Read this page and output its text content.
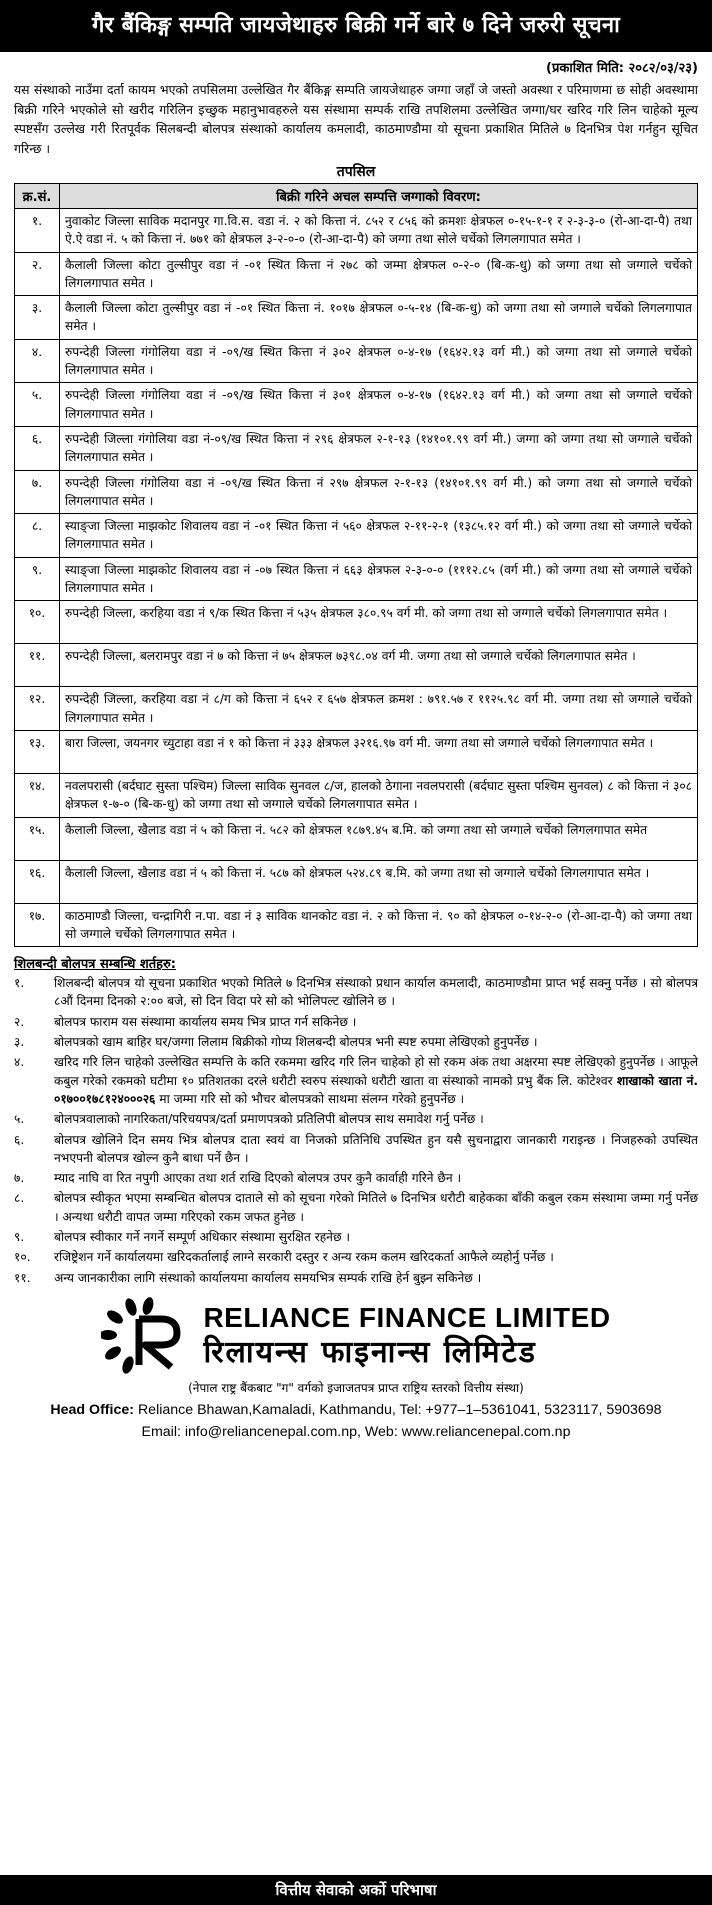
गैर बैंकिङ्ग सम्पति जायजेथाहरु बिक्री गर्ने बारे ७ दिने जरुरी सूचना
(प्रकाशित मिति: २०८२/०३/२३)
यस संस्थाको नाउँमा दर्ता कायम भएको तपसिलमा उल्लेखित गैर बैंकिङ्ग सम्पति जायजेथाहरु जग्गा जहाँ जे जस्तो अवस्था र परिमाणमा छ सोही अवस्थामा बिक्री गरिने भएकोले सो खरीद गरिलिन इच्छुक महानुभावहरुले यस संस्थामा सम्पर्क राखि तपशिलमा उल्लेखित जग्गा/घर खरिद गरि लिन चाहेको मूल्य स्पष्टसँग उल्लेख गरी रितपूर्वक सिलबन्दी बोलपत्र संस्थाको कार्यालय कमलादी, काठमाण्डौमा यो सूचना प्रकाशित मितिले ७ दिनभित्र पेश गर्नहुन सूचित गरिन्छ ।
तपसिल
क्र.सं.	बिक्री गरिने अचल सम्पत्ति जग्गाको विवरण:
१.	नुवाकोट जिल्ला साविक मदानपुर गा.वि.स. वडा नं. २ को कित्ता नं. ८५२ र ८५६ को क्रमशः क्षेत्रफल ०-१५-१-१ र २-३-३-० (रो-आ-दा-पै) तथा ऐ.ऐ वडा नं. ५ को कित्ता नं. ७७१ को क्षेत्रफल ३-२-०-० (रो-आ-दा-पै) को जग्गा तथा सोले चर्चेको लिगलगापात समेत ।
२.	कैलाली जिल्ला कोटा तुल्सीपुर वडा नं -०१ स्थित कित्ता नं २७८ को जम्मा क्षेत्रफल ०-२-० (बि-क-धु) को जग्गा तथा सो जग्गाले चर्चेको लिगलगापात समेत ।
३.	कैलाली जिल्ला कोटा तुल्सीपुर वडा नं -०१ स्थित कित्ता नं. १०१७ क्षेत्रफल ०-५-१४ (बि-क-धु) को जग्गा तथा सो जग्गाले चर्चेको लिगलगापात समेत ।
४.	रुपन्देही जिल्ला गंगोलिया वडा नं -०९/ख स्थित कित्ता नं ३०२ क्षेत्रफल ०-४-१७ (१६४२.१३ वर्ग मी.) को जग्गा तथा सो जग्गाले चर्चेको लिगलगापात समेत ।
५.	रुपन्देही जिल्ला गंगोलिया वडा नं -०९/ख स्थित कित्ता नं ३०१ क्षेत्रफल ०-४-१७ (१६४२.१३ वर्ग मी.) को जग्गा तथा सो जग्गाले चर्चेको लिगलगापात समेत ।
६.	रुपन्देही जिल्ला गंगोलिया वडा नं-०९/ख स्थित कित्ता नं २९६ क्षेत्रफल २-१-१३ (१४१०१.९९ वर्ग मी.) जग्गा को जग्गा तथा सो जग्गाले चर्चेको लिगलगापात समेत ।
७.	रुपन्देही जिल्ला गंगोलिया वडा नं -०९/ख स्थित कित्ता नं २९७ क्षेत्रफल २-१-१३ (१४१०१.९९ वर्ग मी.) को जग्गा तथा सो जग्गाले चर्चेको लिगलगापात समेत ।
८.	स्याङ्जा जिल्ला माझकोट शिवालय वडा नं -०१ स्थित कित्ता नं ५६० क्षेत्रफल २-११-२-१ (१३८५.१२ वर्ग मी.) को जग्गा तथा सो जग्गाले चर्चेको लिगलगापात समेत ।
९.	स्याङ्जा जिल्ला माझकोट शिवालय वडा नं -०७ स्थित कित्ता नं ६६३ क्षेत्रफल २-३-०-० (१११२.८५ (वर्ग मी.) को जग्गा तथा सो जग्गाले चर्चेको लिगलगापात समेत ।
१०.	रुपन्देही जिल्ला, करहिया वडा नं ९/क स्थित कित्ता नं ५३५ क्षेत्रफल ३८०.९५ वर्ग मी. को जग्गा तथा सो जग्गाले चर्चेको लिगलगापात समेत ।
११.	रुपन्देही जिल्ला, बलरामपुर वडा नं ७ को कित्ता नं ७५ क्षेत्रफल ७३९८.०४ वर्ग मी. जग्गा तथा सो जग्गाले चर्चेको लिगलगापात समेत ।
१२.	रुपन्देही जिल्ला, करहिया वडा नं ८/ग को कित्ता नं ६५२ र ६५७ क्षेत्रफल क्रमश : ७९१.५७ र ११२५.९८ वर्ग मी. जग्गा तथा सो जग्गाले चर्चेको लिगलगापात समेत ।
१३.	बारा जिल्ला, जयनगर च्युटाहा वडा नं १ को कित्ता नं ३३३ क्षेत्रफल ३२१६.९७ वर्ग मी. जग्गा तथा सो जग्गाले चर्चेको लिगलगापात समेत ।
१४.	नवलपरासी (बर्दघाट सुस्ता पश्चिम) जिल्ला साविक सुनवल ८/ज, हालको ठेगाना नवलपरासी (बर्दघाट सुस्ता पश्चिम सुनवल) ८ को कित्ता नं ३०८ क्षेत्रफल १-७-० (बि-क-धु) को जग्गा तथा सो जग्गाले चर्चेको लिगलगापात समेत ।
१५.	कैलाली जिल्ला, खैलाड वडा नं ५ को कित्ता नं. ५८२ को क्षेत्रफल १८७९.४५ ब.मि. को जग्गा तथा सो जग्गाले चर्चेको लिगलगापात समेत
१६.	कैलाली जिल्ला, खैलाड वडा नं ५ को कित्ता नं. ५८७ को क्षेत्रफल ५२४.८९ ब.मि. को जग्गा तथा सो जग्गाले चर्चेको लिगलगापात समेत ।
१७.	काठमाण्डौ जिल्ला, चन्द्रागिरी न.पा. वडा नं ३ साविक थानकोट वडा नं. २ को कित्ता नं. ९० को क्षेत्रफल ०-१४-२-० (रो-आ-दा-पै) को जग्गा तथा सो जग्गाले चर्चेको लिगलगापात समेत ।
शिलबन्दी बोलपत्र सम्बन्धि शर्तहरु:
१.	शिलबन्दी बोलपत्र यो सूचना प्रकाशित भएको मितिले ७ दिनभित्र संस्थाको प्रधान कार्याल कमलादी, काठमाण्डौमा प्राप्त भई सक्नु पर्नेछ । सो बोलपत्र ८औं दिनमा दिनको २:०० बजे, सो दिन विदा परे सो को भोलिपल्ट खोलिने छ ।
२.	बोलपत्र फाराम यस संस्थामा कार्यालय समय भित्र प्राप्त गर्न सकिनेछ ।
३.	बोलपत्रको खाम बाहिर घर/जग्गा लिलाम बिक्रीको गोप्य शिलबन्दी बोलपत्र भनी स्पष्ट रुपमा लेखिएको हुनुपर्नेछ ।
४.	खरिद गरि लिन चाहेको उल्लेखित सम्पत्ति के कति रकममा खरिद गरि लिन चाहेको हो सो रकम अंक तथा अक्षरमा स्पष्ट लेखिएको हुनुपर्नेछ । आफूले कबुल गरेको रकमको घटीमा १० प्रतिशतका दरले धरौटी स्वरुप संस्थाको धरौटी खाता वा संस्थाको नामको प्रभु बैंक लि. कोटेश्वर शाखाको खाता नं. ०१७००१७८१२४०००२६ मा जम्मा गरि सो को भौचर बोलपत्रको साथमा संलग्न गरेको हुनुपर्नेछ ।
५.	बोलपत्रवालाको नागरिकता/परिचयपत्र/दर्ता प्रमाणपत्रको प्रतिलिपी बोलपत्र साथ समावेश गर्नु पर्नेछ ।
६.	बोलपत्र खोलिने दिन समय भित्र बोलपत्र दाता स्वयं वा निजको प्रतिनिधि उपस्थित हुन यसै सुचनाद्वारा जानकारी गराइन्छ । निजहरुको उपस्थित नभएपनी बोलपत्र खोल्न कुनै बाधा पर्ने छैन ।
७.	म्याद नाघि वा रित नपुगी आएका तथा शर्त राखि दिएको बोलपत्र उपर कुनै कार्वाही गरिने छैन ।
८.	बोलपत्र स्वीकृत भएमा सम्बन्धित बोलपत्र दाताले सो को सूचना गरेको मितिले ७ दिनभित्र धरौटी बाहेकका बाँकी कबुल रकम संस्थामा जम्मा गर्नु पर्नेछ । अन्यथा धरौटी वापत जम्मा गरिएको रकम जफत हुनेछ ।
९.	बोलपत्र स्वीकार गर्ने नगर्ने सम्पूर्ण अधिकार संस्थामा सुरक्षित रहनेछ ।
१०.	रजिष्ट्रेशन गर्ने कार्यालयमा खरिदकर्तालाई लाग्ने सरकारी दस्तुर र अन्य रकम कलम खरिदकर्ता आफैले व्यहोर्नु पर्नेछ ।
११.	अन्य जानकारीका लागि संस्थाको कार्यालयमा कार्यालय समयभित्र सम्पर्क राखि हेर्न बुझ्न सकिनेछ ।
RELIANCE FINANCE LIMITED
रिलायन्स फाइनान्स लिमिटेड
(नेपाल राष्ट्र बैंकबाट "ग" वर्गको इजाजतपत्र प्राप्त राष्ट्रिय स्तरको वित्तीय संस्था)
Head Office: Reliance Bhawan,Kamaladi, Kathmandu, Tel: +977–1–5361041, 5323117, 5903698
Email: info@reliancenepal.com.np, Web: www.reliancenepal.com.np
वित्तीय सेवाको अर्को परिभाषा
